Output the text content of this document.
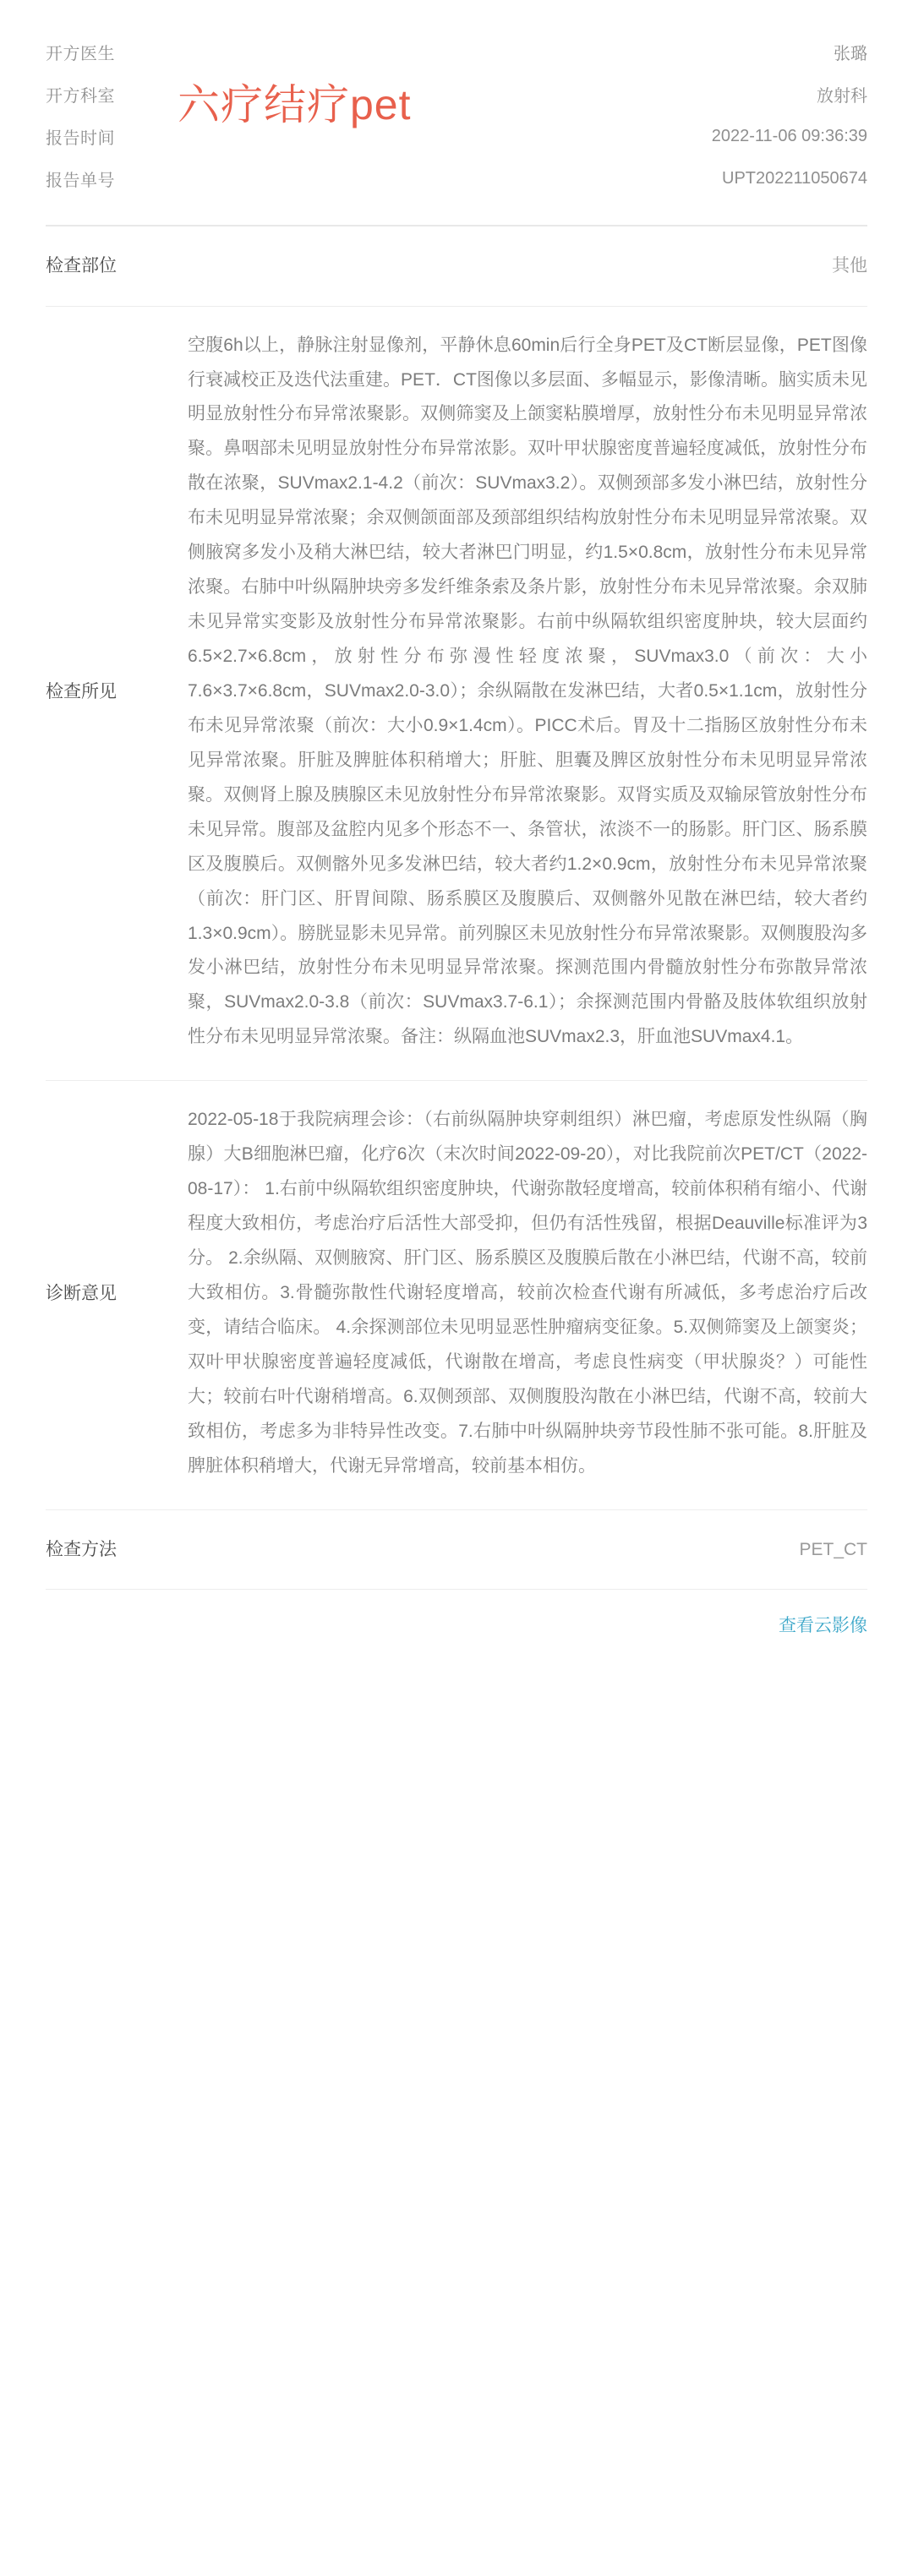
开方医生	张璐
开方科室	放射科
报告时间	2022-11-06 09:36:39
报告单号	UPT202211050674
六疗结疗pet
检查部位	其他
检查所见
空腹6h以上，静脉注射显像剂，平静休息60min后行全身PET及CT断层显像，PET图像行衰减校正及迭代法重建。PET．CT图像以多层面、多幅显示，影像清晰。脑实质未见明显放射性分布异常浓聚影。双侧筛窦及上颌窦粘膜增厚，放射性分布未见明显异常浓聚。鼻咽部未见明显放射性分布异常浓影。双叶甲状腺密度普遍轻度减低，放射性分布散在浓聚，SUVmax2.1-4.2（前次：SUVmax3.2）。双侧颈部多发小淋巴结，放射性分布未见明显异常浓聚；余双侧颌面部及颈部组织结构放射性分布未见明显异常浓聚。双侧腋窝多发小及稍大淋巴结，较大者淋巴门明显，约1.5×0.8cm，放射性分布未见异常浓聚。右肺中叶纵隔肿块旁多发纤维条索及条片影，放射性分布未见异常浓聚。余双肺未见异常实变影及放射性分布异常浓聚影。右前中纵隔软组织密度肿块，较大层面约6.5×2.7×6.8cm，放射性分布弥漫性轻度浓聚，SUVmax3.0（前次：大小7.6×3.7×6.8cm，SUVmax2.0-3.0）；余纵隔散在发淋巴结，大者0.5×1.1cm，放射性分布未见异常浓聚（前次：大小0.9×1.4cm）。PICC术后。胃及十二指肠区放射性分布未见异常浓聚。肝脏及脾脏体积稍增大；肝脏、胆囊及脾区放射性分布未见明显异常浓聚。双侧肾上腺及胰腺区未见放射性分布异常浓聚影。双肾实质及双输尿管放射性分布未见异常。腹部及盆腔内见多个形态不一、条管状，浓淡不一的肠影。肝门区、肠系膜区及腹膜后。双侧髂外见多发淋巴结，较大者约1.2×0.9cm，放射性分布未见异常浓聚（前次：肝门区、肝胃间隙、肠系膜区及腹膜后、双侧髂外见散在淋巴结，较大者约1.3×0.9cm）。膀胱显影未见异常。前列腺区未见放射性分布异常浓聚影。双侧腹股沟多发小淋巴结，放射性分布未见明显异常浓聚。探测范围内骨髓放射性分布弥散异常浓聚，SUVmax2.0-3.8（前次：SUVmax3.7-6.1）；余探测范围内骨骼及肢体软组织放射性分布未见明显异常浓聚。备注：纵隔血池SUVmax2.3，肝血池SUVmax4.1。
诊断意见
2022-05-18于我院病理会诊：（右前纵隔肿块穿刺组织）淋巴瘤，考虑原发性纵隔（胸腺）大B细胞淋巴瘤，化疗6次（末次时间2022-09-20），对比我院前次PET/CT（2022-08-17）： 1.右前中纵隔软组织密度肿块，代谢弥散轻度增高，较前体积稍有缩小、代谢程度大致相仿，考虑治疗后活性大部受抑，但仍有活性残留，根据Deauville标准评为3分。 2.余纵隔、双侧腋窝、肝门区、肠系膜区及腹膜后散在小淋巴结，代谢不高，较前大致相仿。3.骨髓弥散性代谢轻度增高，较前次检查代谢有所减低，多考虑治疗后改变，请结合临床。 4.余探测部位未见明显恶性肿瘤病变征象。5.双侧筛窦及上颌窦炎；双叶甲状腺密度普遍轻度减低，代谢散在增高，考虑良性病变（甲状腺炎？）可能性大；较前右叶代谢稍增高。6.双侧颈部、双侧腹股沟散在小淋巴结，代谢不高，较前大致相仿，考虑多为非特异性改变。7.右肺中叶纵隔肿块旁节段性肺不张可能。8.肝脏及脾脏体积稍增大，代谢无异常增高，较前基本相仿。
检查方法	PET_CT
查看云影像
